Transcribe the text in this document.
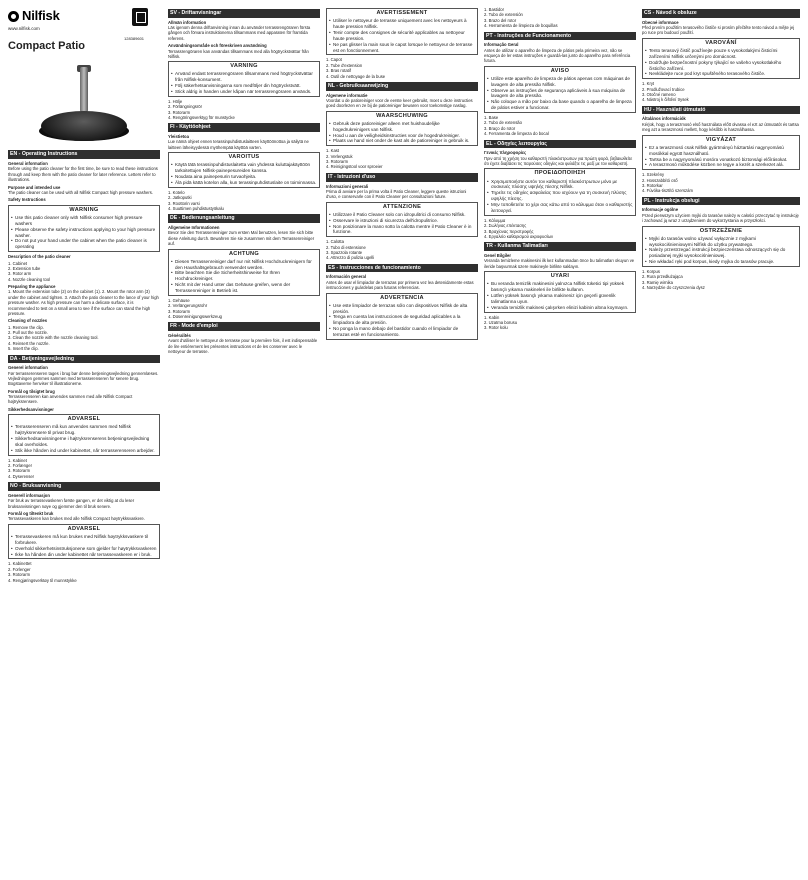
Nilfisk
www.nilfisk.com
Compact Patio
EN - Operating Instructions
General information

Before using the patio cleaner for the first time, be sure to read these instructions through and keep them with the patio cleaner for later reference. Letters refer to illustrations.

Purpose and intended use

The patio cleaner can be used with all Nilfisk Compact high pressure washers.

Safety Instructions
WARNING
• Use this patio cleaner only with Nilfisk consumer high pressure washers
• Please observe the safety instructions applying to your high pressure washer.
• Do not put your hand under the cabinet when the patio cleaner is operating
Description of the patio cleaner
1. Cabinet
2. Extension tube
3. Rotor arm
4. Nozzle cleaning tool
Preparing the appliance

1. Mount the extension tube (2) on the cabinet (1). 2. Mount the rotor arm (3) under the cabinet and tighten. 3. Attach the patio cleaner to the lance of your high pressure washer. As high pressure can harm a delicate surface, it is recommended to test on a small area to see if the surface can stand the high pressure.

Cleaning of nozzles
1. Remove the clip.
2. Pull out the nozzle.
3. Clean the nozzle with the nozzle cleaning tool.
4. Reinsert the nozzle.
5. Insert the clip.
DA - Betjeningsvejledning
Generel information

Før terrasserenseren tages i brug bør denne betjeningsvejledning gennemlæses. Vejledningen gemmes sammen med terrasserenseren for senere brug. Bogstaverne henviser til illustrationerne.

Formål og tilsigtet brug

Terrasserenseren kan anvendes sammen med alle Nilfisk Compact højtryksrensere.

Sikkerhedsanvisninger
ADVARSEL
• Terrasserenseren må kun anvendes sammen med Nilfisk højtryksrensere til privat brug.
• Sikkerhedsanvisningerne i højtryksrenserens betjeningsvejledning skal overholdes.
• Stik ikke hånden ind under kabinettet, når terrasserenseren arbejder.
1. Kabinet
2. Forlænger
3. Rotorarm
4. Dyserenser
NO - Bruksanvisning
Generell informasjon

Før bruk av terrassevaskeren første gangen, er det viktig at du leser bruksanvisningen nøye og gjemmer den til bruk senere.

Formål og tiltenkt bruk

Terrassevaskeren kan brukes med alle Nilfisk Compact høytrykksvaskere.

ADVARSEL
• Terrassevaskeren må kun brukes med Nilfisk høytrykksvaskere til forbrukere.
• Overhold sikkerhetsinstruksjonene som gjelder for høytrykksvaskeren
• Ikke ha hånden din under kabinettet når terrassevaskeren er i bruk.
1. Kabinettet
2. Forlenger
3. Rotorarm
4. Rengjøringsverktøy til munnstykke
SV - Driftanvisningar
Allmän information

Läs igenom denna driftanvisning innan du använder terrassrengöraren första gången och förvara instruktionerna tillsammans med apparaten för framtida referens.

Användningsområde och föreskriven användning

Terrassrengöraren kan användas tillsammans med alla högtryckstvättar från Nilfisk.

VARNING
• Använd endast terrassrengöraren tillsammans med högtryckstvättar från Nilfisk-konsument.
• Följ säkerhetsanvisningarna som medföljer din högtryckstvätt.
• Stick aldrig in handen under kåpan när terrassrengöraren används.
1. Hölje
2. Förlängningsrör
3. Rotorarm
4. Rengöringsverktyg för munstycke
FI - Käyttöohjeet
Yleistietoa

Lue nämä ohjeet ennen terassinpuhdistuslaitteen käyttöönottoa ja säilytä ne laitteen läheisyydessä myöhempää käyttöä varten.

VAROITUS
• Käytä tätä terassinpuhdistuslaitetta vain yhdessä kuluttajakäyttöön tarkoitettujen Nilfisk-painepesureiden kanssa.
• Noudata aina painepesurin turvaohjeita.
• Älä pidä kättä kotelon alla, kun terassinpuhdistuslaite on toiminnassa.
1. Kotelo
2. Jatkoputki
3. Roottorin varsi
4. Suuttimen puhdistustyökalu
DE - Bedienungsanleitung
Allgemeine Informationen

Bevor Sie den Terrassenreiniger zum ersten Mal benutzen, lesen Sie sich bitte diese Anleitung durch. Bewahren Sie sie zusammen mit dem Terrassenreiniger auf.

ACHTUNG
• Diesen Terrassenreiniger darf nur mit Nilfisk Hochdruckreinigern für den Haushaltsgebrauch verwendet werden.
• Bitte beachten Sie die Sicherheitshinweise für Ihren Hochdruckreiniger.
• Nicht mit der Hand unter das Gehäuse greifen, wenn der Terrassenreiniger in Betrieb ist.
1. Gehäuse
2. Verlängerungsrohr
3. Rotorarm
4. Düsenreinigungswerkzeug
FR - Mode d'emploi
Généralités

Avant d'utiliser le nettoyeur de terrasse pour la première fois, il est indispensable de lire entièrement les présentes instructions et de les conserver avec le nettoyeur de terrasse.

AVERTISSEMENT
• Utiliser le nettoyeur de terrasse uniquement avec les nettoyeurs à haute pression Nilfisk.
• Tenir compte des consignes de sécurité applicables au nettoyeur haute pression.
• Ne pas glisser la main sous le capot lorsque le nettoyeur de terrasse est en fonctionnement.
1. Capot
2. Tube d'extension
3. Bras rotatif
4. Outil de nettoyage de la buse
NL - Gebruiksaanwijzing
Algemene informatie

Voordat u de patioreiniger voor de eerste keer gebruikt, moet u deze instructies goed doorlezen en ze bij de patioreiniger bewaren voor toekomstige naslag.

WAARSCHUWING
• Gebruik deze patioreiniger alleen met huishoudelijke hogedrukreinigers van Nilfisk.
• Houd u aan de veiligheidsinstructies voor de hogedrukreiniger.
• Plaats uw hand niet onder de kast als de patioreiniger in gebruik is.
1. Kast
2. Verlengstuk
3. Rotorarm
4. Reinigingstool voor sproeier
IT - Istruzioni d'uso
Informazioni generali

Prima di avviare per la prima volta il Patio Cleaner, leggere queste istruzioni d'uso, e conservarle con il Patio Cleaner per consultazioni future.

ATTENZIONE
• Utilizzare il Patio Cleaner solo con idropulitrici di consumo Nilfisk.
• Osservare le istruzioni di sicurezza dell'idropulitrice.
• Non posizionare la mano sotto la calotta mentre il Patio Cleaner è in funzione.
1. Calotta
2. Tubo di estensione
3. Spazzola rotante
4. Attrezzo di pulizia ugelli
ES - Instrucciones de funcionamiento
Información general

Antes de usar el limpiador de terrazas por primera vez lea detenidamente estas instrucciones y guárdelas para futuras referencias.

ADVERTENCIA
• Use este limpiador de terrazas sólo con dispositivos Nilfisk de alta presión.
• Tenga en cuenta las instrucciones de seguridad aplicables a la limpiadora de alta presión.
• No ponga la mano debajo del bastidor cuando el limpiador de terrazas esté en funcionamiento.
1. Bastidor
2. Tubo de extensión
3. Brazo del rotor
4. Herramienta de limpieza de boquillas
PT - Instruções de Funcionamento
Informação Geral

Antes de utilizar o aparelho de limpeza de pátios pela primeira vez, não se esqueça de ler estas instruções e guardá-las junto do aparelho para referência futura.

AVISO
• Utilize este aparelho de limpeza de pátios apenas com máquinas de lavagem de alta pressão Nilfisk.
• Observe as instruções de segurança aplicáveis à sua máquina de lavagem de alta pressão.
• Não coloque a mão por baixo da base quando o aparelho de limpeza de pátios estiver a funcionar.
1. Base
2. Tubo de extensão
3. Braço do rotor
4. Ferramenta de limpeza do bocal
EL - Οδηγίες λειτουργίας
Γενικές πληροφορίες

Πριν από τη χρήση του καθαριστή πλακόστρωτων για πρώτη φορά, βεβαιωθείτε ότι έχετε διαβάσει τις παρούσες οδηγίες και φυλάξτε τις μαζί με τον καθαριστή.

ΠΡΟΕΙΔΟΠΟΙΗΣΗ
• Χρησιμοποιήστε αυτόν τον καθαριστή πλακόστρωτων μόνο με συσκευές πλύσης υψηλής πίεσης Nilfisk.
• Τηρείτε τις οδηγίες ασφαλείας που ισχύουν για τη συσκευή πλύσης υψηλής πίεσης.
• Μην τοποθετείτε το χέρι σας κάτω από το κάλυμμα όταν ο καθαριστής λειτουργεί.
1. Κάλυμμα
2. Σωλήνας επέκτασης
3. Βραχίονας περιστροφής
4. Εργαλείο καθαρισμού ακροφυσίων
TR - Kullanma Talimatları
Genel Bilgiler

Veranda temizleme makinesini ilk kez kullanmadan önce bu talimatları okuyun ve ileride başvurmak üzere makineyle birlikte saklayın.

UYARI
• Bu veranda temizlik makinesini yalnızca Nilfisk tüketici tipi yüksek basınçlı yıkama makineleri ile birlikte kullanın.
• Lütfen yüksek basınçlı yıkama makineniz için geçerli güvenlik talimatlarına uyun.
• Veranda temizlik makinesi çalışırken elinizi kabinin altına koymayın.
1. Kabin
2. Uzatma borusu
3. Rotor kolu
CS - Návod k obsluze
Obecné informace

Před prvním použitím terasového čističe si prosím přečtěte tento návod a mějte jej po ruce pro budoucí použití.

VAROVÁNÍ
• Tento terasový čistič používejte pouze s vysokotlakými čisticími zařízeními Nilfisk určenými pro domácnost.
• Dodržujte bezpečnostní pokyny týkající se vašeho vysokotlakého čisticího zařízení.
• Nevkládejte ruce pod kryt spuštěného terasového čističe.
1. Kryt
2. Prodlužovací trubice
3. Otočné rameno
4. Nástroj k čištění trysek
HU - Használati útmutató
Általános információk

Kérjük, hogy a teraszmosó első használata előtt olvassa el ezt az útmutatót és tartsa meg azt a teraszmosó mellett, hogy később is használhassa.

VIGYÁZAT
• Ez a teraszmosó csak Nilfisk gyártmányú háztartási nagynyomású mosókkal együtt használható.
• Tartsa be a nagynyomású mosóra vonatkozó biztonsági előírásokat.
• A teraszmosó működése közben ne tegye a kezét a szerkezet alá.
1. Szekrény
2. Hosszabbító cső
3. Rotorkar
4. Fúvóka-tisztító szerszám
PL - Instrukcja obsługi
Informacje ogólne

Przed pierwszym użyciem myjki do tarasów należy w całości przeczytać tę instrukcję i zachować ją wraz z urządzeniem do wykorzystania w przyszłości.

OSTRZEŻENIE
• Myjki do tarasów wolno używać wyłącznie z myjkami wysokociśnieniowymi Nilfisk do użytku prywatnego.
• Należy przestrzegać instrukcji bezpieczeństwa odnoszących się do posiadanej myjki wysokociśnieniowej.
• Nie wkładać ręki pod korpus, kiedy myjka do tarasów pracuje.
1. Korpus
2. Rura przedłużająca
3. Ramię wirnika
4. Narzędzie do czyszczenia dysz
128389601
